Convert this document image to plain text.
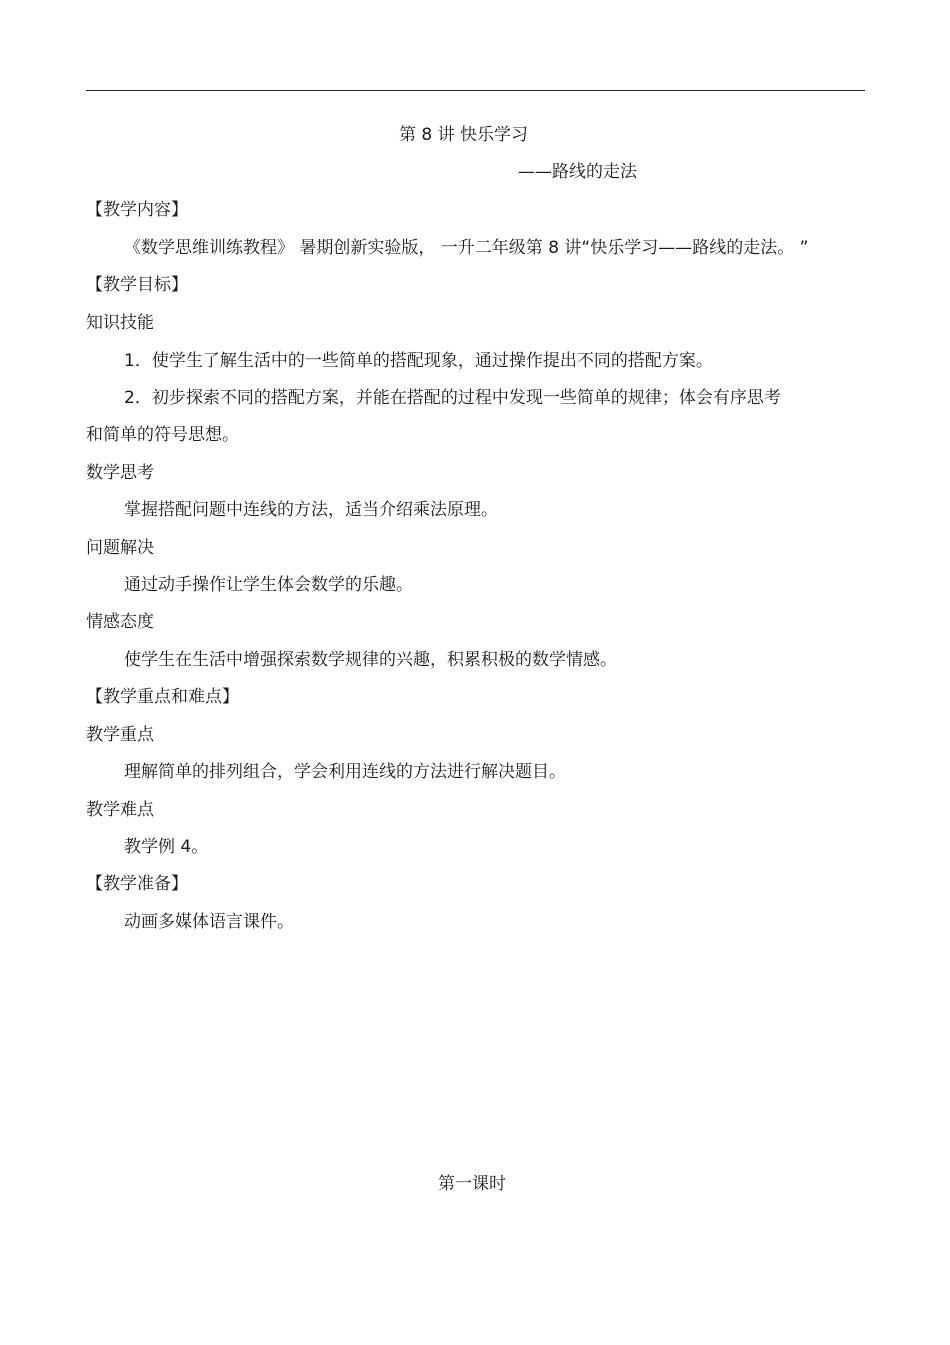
第 8 讲 快乐学习
——路线的走法
【教学内容】
《数学思维训练教程》 暑期创新实验版， 一升二年级第 8 讲“快乐学习——路线的走法。 ”
【教学目标】
知识技能
1．使学生了解生活中的一些简单的搭配现象，通过操作提出不同的搭配方案。
2．初步探索不同的搭配方案，并能在搭配的过程中发现一些简单的规律；体会有序思考
和简单的符号思想。
数学思考
掌握搭配问题中连线的方法，适当介绍乘法原理。
问题解决
通过动手操作让学生体会数学的乐趣。
情感态度
使学生在生活中增强探索数学规律的兴趣，积累积极的数学情感。
【教学重点和难点】
教学重点
理解简单的排列组合，学会利用连线的方法进行解决题目。
教学难点
教学例 4。
【教学准备】
动画多媒体语言课件。
第一课时
